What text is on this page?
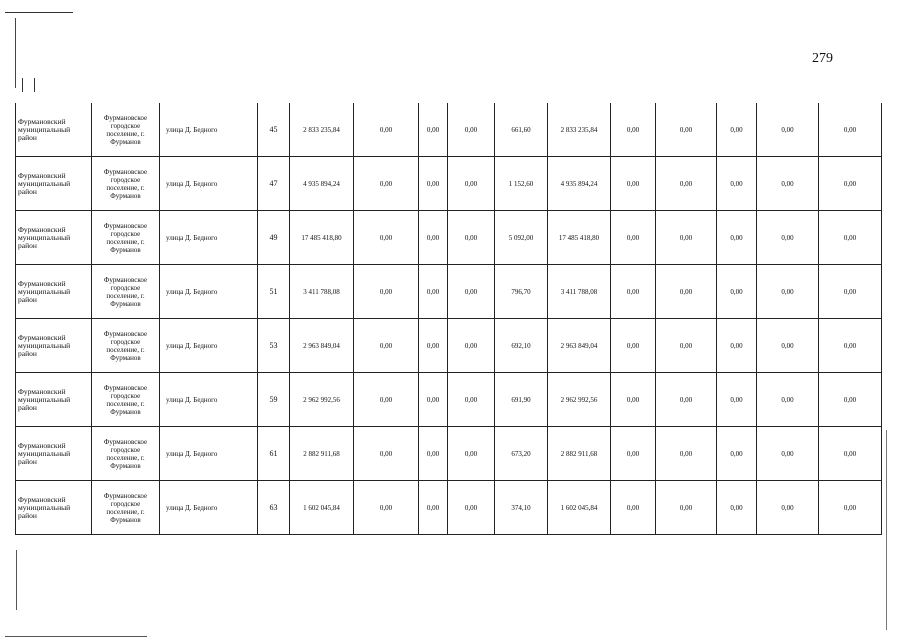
279
Фурмановский муниципальный район	Фурмановское городское поселение, г. Фурманов	улица Д. Бедного	45	2 833 235,84	0,00	0,00	0,00	661,60	2 833 235,84	0,00	0,00	0,00	0,00	0,00
Фурмановский муниципальный район	Фурмановское городское поселение, г. Фурманов	улица Д. Бедного	47	4 935 894,24	0,00	0,00	0,00	1 152,60	4 935 894,24	0,00	0,00	0,00	0,00	0,00
Фурмановский муниципальный район	Фурмановское городское поселение, г. Фурманов	улица Д. Бедного	49	17 485 418,80	0,00	0,00	0,00	5 092,00	17 485 418,80	0,00	0,00	0,00	0,00	0,00
Фурмановский муниципальный район	Фурмановское городское поселение, г. Фурманов	улица Д. Бедного	51	3 411 788,08	0,00	0,00	0,00	796,70	3 411 788,08	0,00	0,00	0,00	0,00	0,00
Фурмановский муниципальный район	Фурмановское городское поселение, г. Фурманов	улица Д. Бедного	53	2 963 849,04	0,00	0,00	0,00	692,10	2 963 849,04	0,00	0,00	0,00	0,00	0,00
Фурмановский муниципальный район	Фурмановское городское поселение, г. Фурманов	улица Д. Бедного	59	2 962 992,56	0,00	0,00	0,00	691,90	2 962 992,56	0,00	0,00	0,00	0,00	0,00
Фурмановский муниципальный район	Фурмановское городское поселение, г. Фурманов	улица Д. Бедного	61	2 882 911,68	0,00	0,00	0,00	673,20	2 882 911,68	0,00	0,00	0,00	0,00	0,00
Фурмановский муниципальный район	Фурмановское городское поселение, г. Фурманов	улица Д. Бедного	63	1 602 045,84	0,00	0,00	0,00	374,10	1 602 045,84	0,00	0,00	0,00	0,00	0,00
